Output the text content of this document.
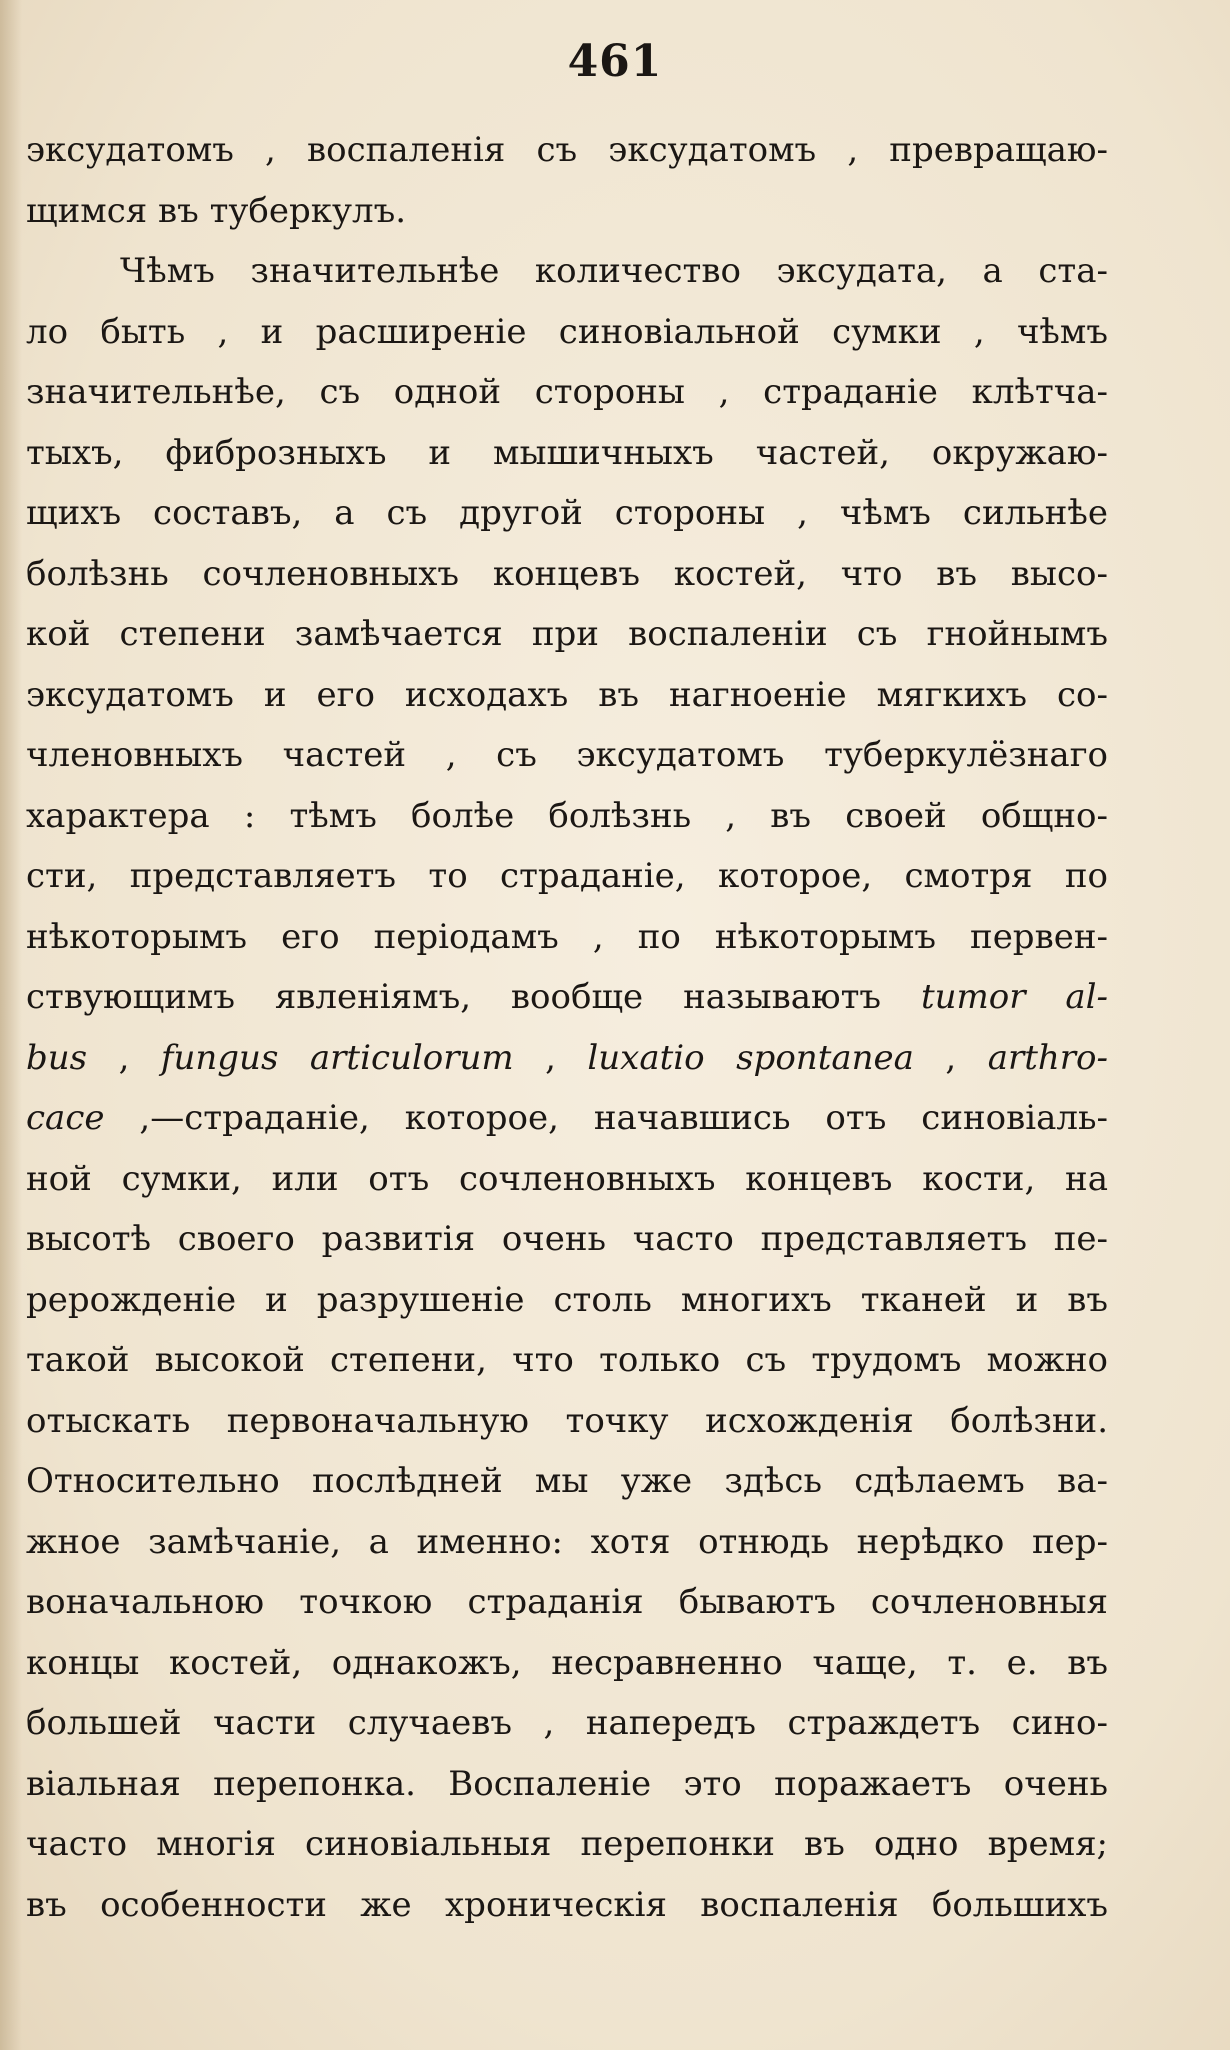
461
эксудатомъ , воспаленія съ эксудатомъ , превращаю-
щимся въ туберкулъ.
Чѣмъ значительнѣе количество эксудата, а ста-
ло быть , и расширеніе синовіальной сумки , чѣмъ
значительнѣе, съ одной стороны , страданіе клѣтча-
тыхъ, фиброзныхъ и мышичныхъ частей, окружаю-
щихъ составъ, а съ другой стороны , чѣмъ сильнѣе
болѣзнь сочленовныхъ концевъ костей, что въ высо-
кой степени замѣчается при воспаленіи съ гнойнымъ
эксудатомъ и его исходахъ въ нагноеніе мягкихъ со-
членовныхъ частей , съ эксудатомъ туберкулёзнаго
характера : тѣмъ болѣе болѣзнь , въ своей общно-
сти, представляетъ то страданіе, которое, смотря по
нѣкоторымъ его періодамъ , по нѣкоторымъ первен-
ствующимъ явленіямъ, вообще называютъ tumor al-
bus , fungus articulorum , luxatio spontanea , arthro-
cace ,—страданіе, которое, начавшись отъ синовіаль-
ной сумки, или отъ сочленовныхъ концевъ кости, на
высотѣ своего развитія очень часто представляетъ пе-
рерожденіе и разрушеніе столь многихъ тканей и въ
такой высокой степени, что только съ трудомъ можно
отыскать первоначальную точку исхожденія болѣзни.
Относительно послѣдней мы уже здѣсь сдѣлаемъ ва-
жное замѣчаніе, а именно: хотя отнюдь нерѣдко пер-
воначальною точкою страданія бываютъ сочленовныя
концы костей, однакожъ, несравненно чаще, т. е. въ
большей части случаевъ , напередъ страждетъ сино-
віальная перепонка. Воспаленіе это поражаетъ очень
часто многія синовіальныя перепонки въ одно время;
въ особенности же хроническія воспаленія большихъ
